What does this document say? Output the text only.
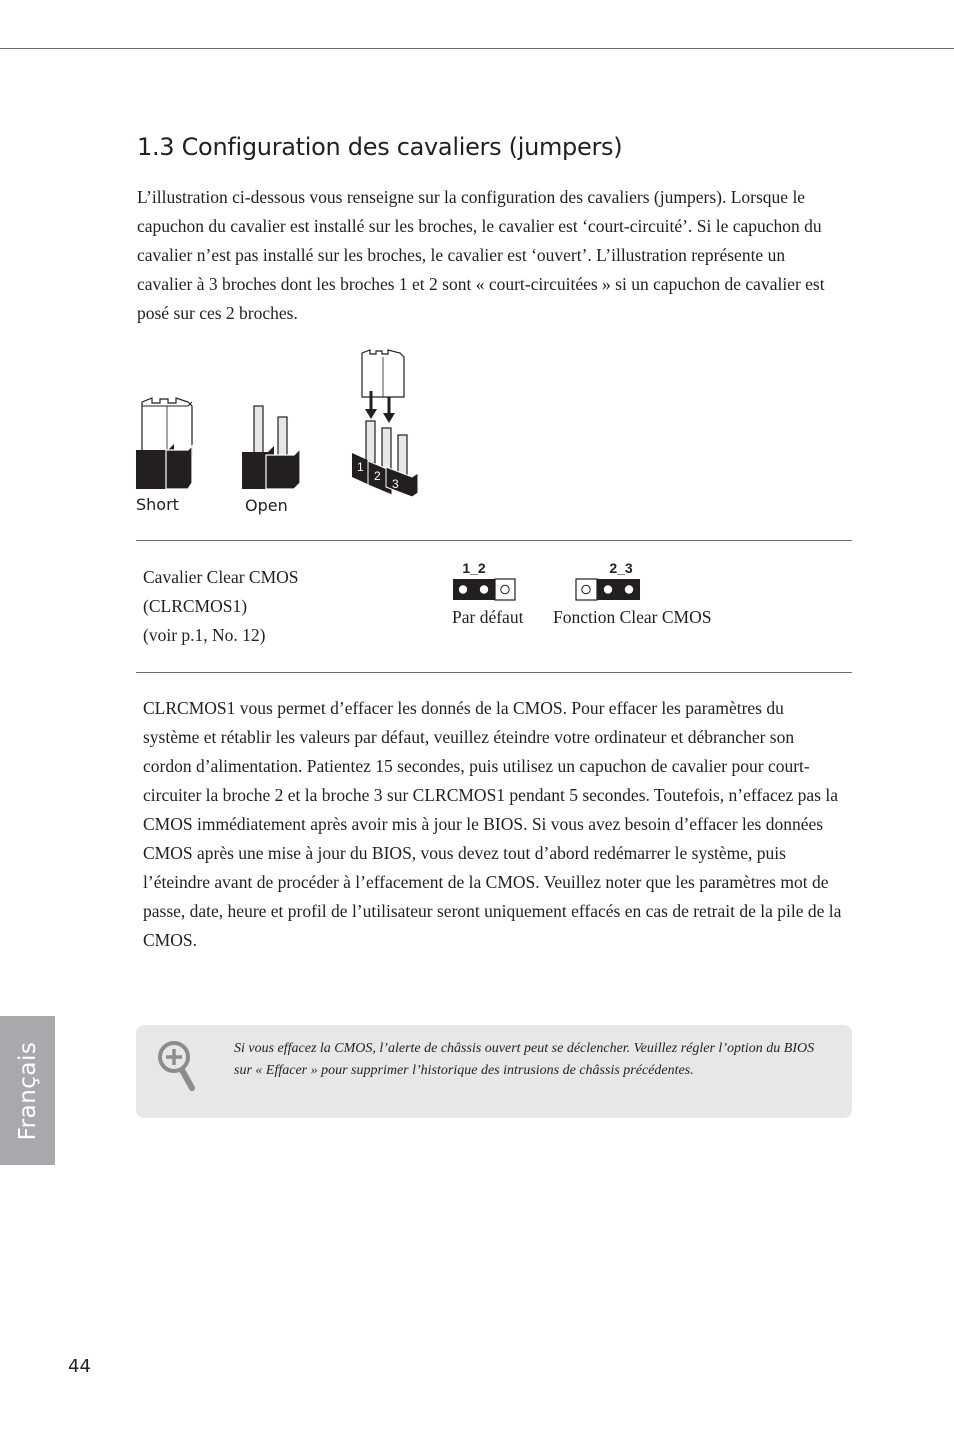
1.3 Configuration des cavaliers (jumpers)

L’illustration ci-dessous vous renseigne sur la configuration des cavaliers (jumpers). Lorsque le capuchon du cavalier est installé sur les broches, le cavalier est ‘court-circuité’. Si le capuchon du cavalier n’est pas installé sur les broches, le cavalier est ‘ouvert’. L’illustration représente un cavalier à 3 broches dont les broches 1 et 2 sont « court-circuitées » si un capuchon de cavalier est posé sur ces 2 broches.

1
2
3
Short	Open
Cavalier Clear CMOS
(CLRCMOS1)
(voir p.1, No. 12)
1_2
Par défaut
2_3
Fonction Clear CMOS

CLRCMOS1 vous permet d’effacer les donnés de la CMOS. Pour effacer les paramètres du système et rétablir les valeurs par défaut, veuillez éteindre votre ordinateur et débrancher son cordon d’alimentation. Patientez 15 secondes, puis utilisez un capuchon de cavalier pour court-circuiter la broche 2 et la broche 3 sur CLRCMOS1 pendant 5 secondes. Toutefois, n’effacez pas la CMOS immédiatement après avoir mis à jour le BIOS. Si vous avez besoin d’effacer les données CMOS après une mise à jour du BIOS, vous devez tout d’abord redémarrer le système, puis l’éteindre avant de procéder à l’effacement de la CMOS. Veuillez noter que les paramètres mot de passe, date, heure et profil de l’utilisateur seront uniquement effacés en cas de retrait de la pile de la CMOS.

Si vous effacez la CMOS, l’alerte de châssis ouvert peut se déclencher. Veuillez régler l’option du BIOS sur « Effacer » pour supprimer l’historique des intrusions de châssis précédentes.

Français
44
